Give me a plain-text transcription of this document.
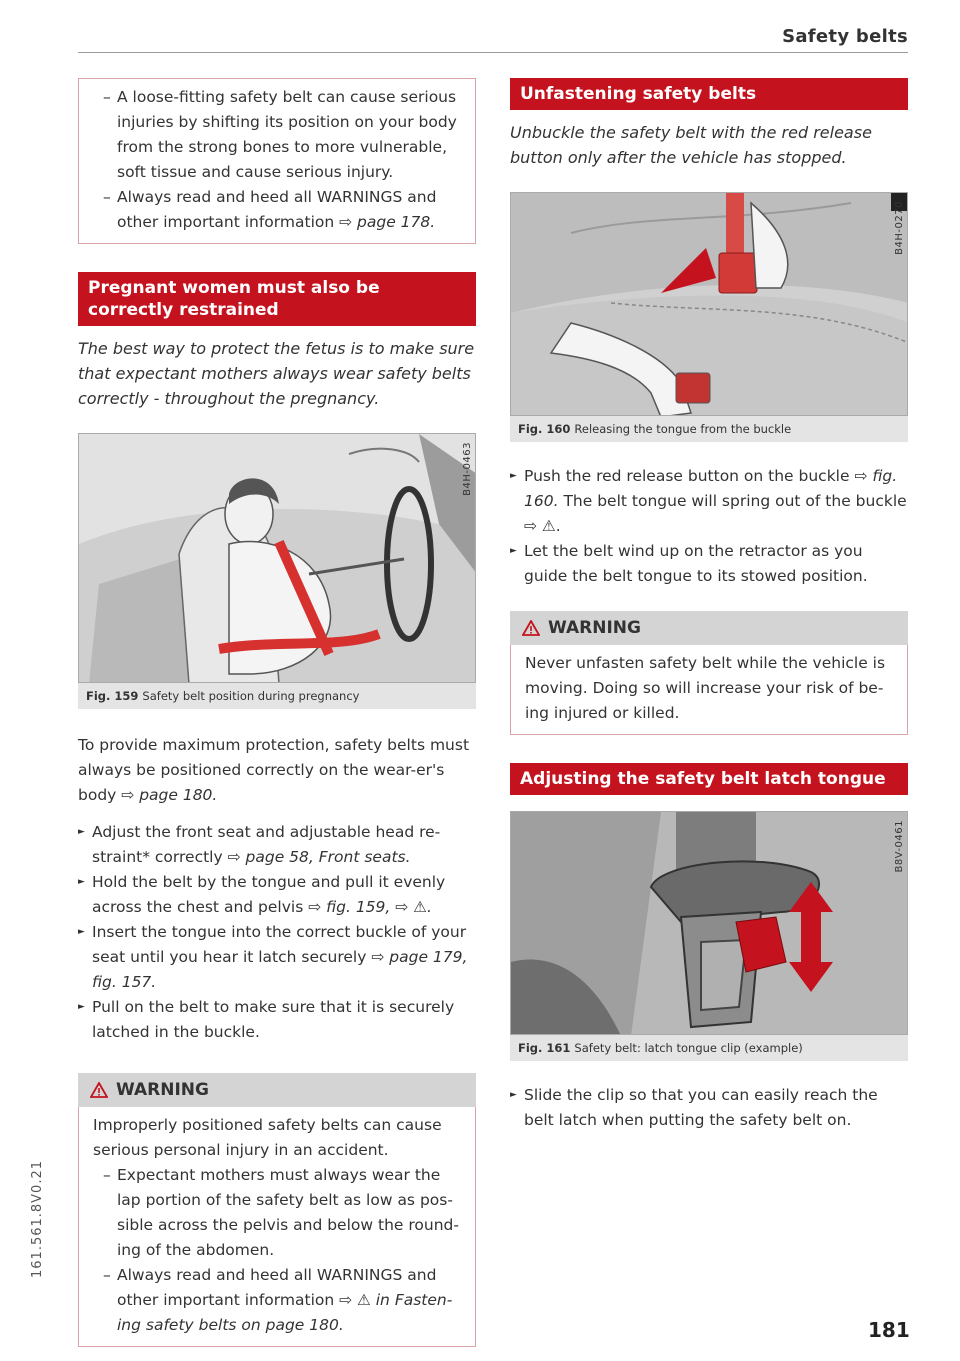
Safety belts
– A loose-fitting safety belt can cause serious injuries by shifting its position on your body from the strong bones to more vulnerable, soft tissue and cause serious injury.
– Always read and heed all WARNINGS and other important information ⇨ page 178.
Pregnant women must also be correctly restrained
The best way to protect the fetus is to make sure that expectant mothers always wear safety belts correctly - throughout the pregnancy.
B4H-0463
Fig. 159 Safety belt position during pregnancy
To provide maximum protection, safety belts must always be positioned correctly on the wear-er's body ⇨ page 180.
► Adjust the front seat and adjustable head re-straint* correctly ⇨ page 58, Front seats.
► Hold the belt by the tongue and pull it evenly across the chest and pelvis ⇨ fig. 159, ⇨ ⚠.
► Insert the tongue into the correct buckle of your seat until you hear it latch securely ⇨ page 179, fig. 157.
► Pull on the belt to make sure that it is securely latched in the buckle.
WARNING
Improperly positioned safety belts can cause serious personal injury in an accident.
– Expectant mothers must always wear the lap portion of the safety belt as low as pos-sible across the pelvis and below the round-ing of the abdomen.
– Always read and heed all WARNINGS and other important information ⇨ ⚠ in Fasten-ing safety belts on page 180.
Unfastening safety belts
Unbuckle the safety belt with the red release button only after the vehicle has stopped.
B4H-0270
Fig. 160 Releasing the tongue from the buckle
► Push the red release button on the buckle ⇨ fig. 160. The belt tongue will spring out of the buckle ⇨ ⚠.
► Let the belt wind up on the retractor as you guide the belt tongue to its stowed position.
WARNING
Never unfasten safety belt while the vehicle is moving. Doing so will increase your risk of be-ing injured or killed.
Adjusting the safety belt latch tongue
B8V-0461
Fig. 161 Safety belt: latch tongue clip (example)
► Slide the clip so that you can easily reach the belt latch when putting the safety belt on.
181
161.561.8V0.21
